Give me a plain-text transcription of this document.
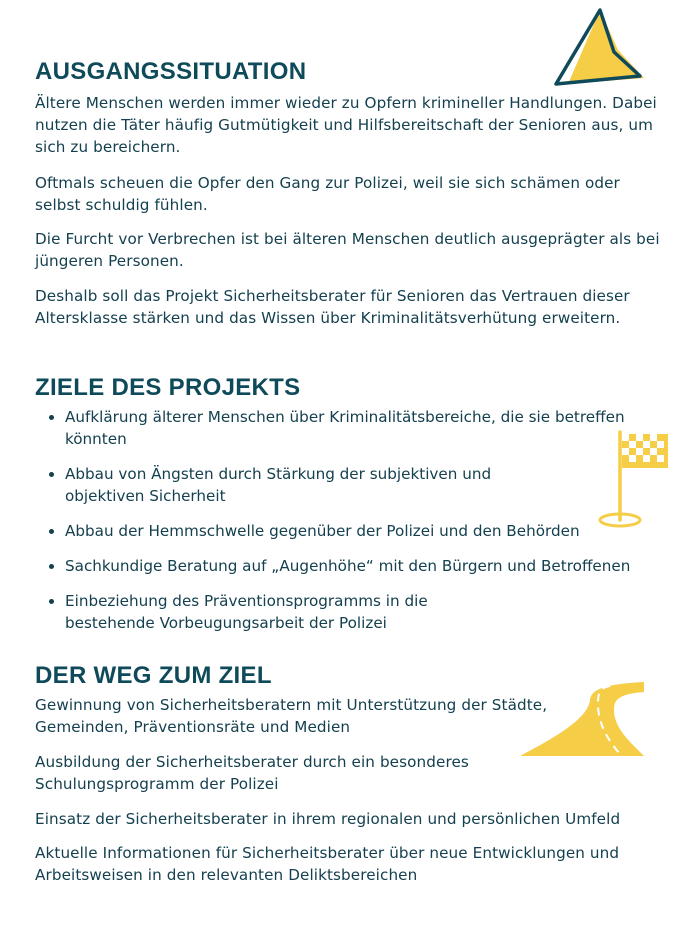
AUSGANGSSITUATION

Ältere Menschen werden immer wieder zu Opfern krimineller Handlungen. Dabei nutzen die Täter häufig Gutmütigkeit und Hilfsbereitschaft der Senioren aus, um sich zu bereichern.

Oftmals scheuen die Opfer den Gang zur Polizei, weil sie sich schämen oder selbst schuldig fühlen.

Die Furcht vor Verbrechen ist bei älteren Menschen deutlich ausgeprägter als bei jüngeren Personen.

Deshalb soll das Projekt Sicherheitsberater für Senioren das Vertrauen dieser Altersklasse stärken und das Wissen über Kriminalitätsverhütung erweitern.

ZIELE DES PROJEKTS
Aufklärung älterer Menschen über Kriminalitätsbereiche, die sie betreffen könnten
Abbau von Ängsten durch Stärkung der subjektiven und objektiven Sicherheit
Abbau der Hemmschwelle gegenüber der Polizei und den Behörden
Sachkundige Beratung auf „Augenhöhe“ mit den Bürgern und Betroffenen
Einbeziehung des Präventionsprogramms in die bestehende Vorbeugungsarbeit der Polizei
DER WEG ZUM ZIEL

Gewinnung von Sicherheitsberatern mit Unterstützung der Städte, Gemeinden, Präventionsräte und Medien

Ausbildung der Sicherheitsberater durch ein besonderes Schulungsprogramm der Polizei

Einsatz der Sicherheitsberater in ihrem regionalen und persönlichen Umfeld

Aktuelle Informationen für Sicherheitsberater über neue Entwicklungen und Arbeitsweisen in den relevanten Deliktsbereichen
